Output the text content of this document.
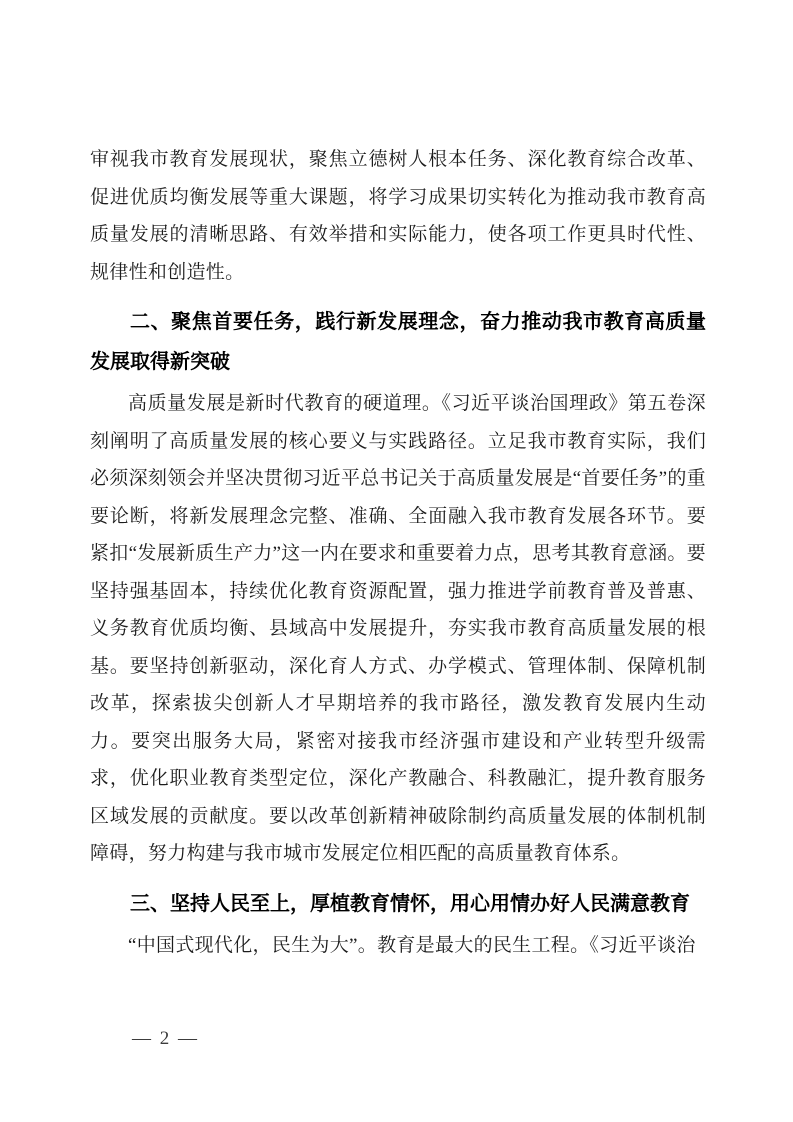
审视我市教育发展现状，聚焦立德树人根本任务、深化教育综合改革、促进优质均衡发展等重大课题，将学习成果切实转化为推动我市教育高质量发展的清晰思路、有效举措和实际能力，使各项工作更具时代性、规律性和创造性。

二、聚焦首要任务，践行新发展理念，奋力推动我市教育高质量发展取得新突破

高质量发展是新时代教育的硬道理。《习近平谈治国理政》第五卷深刻阐明了高质量发展的核心要义与实践路径。立足我市教育实际，我们必须深刻领会并坚决贯彻习近平总书记关于高质量发展是“首要任务”的重要论断，将新发展理念完整、准确、全面融入我市教育发展各环节。要紧扣“发展新质生产力”这一内在要求和重要着力点，思考其教育意涵。要坚持强基固本，持续优化教育资源配置，强力推进学前教育普及普惠、义务教育优质均衡、县域高中发展提升，夯实我市教育高质量发展的根基。要坚持创新驱动，深化育人方式、办学模式、管理体制、保障机制改革，探索拔尖创新人才早期培养的我市路径，激发教育发展内生动力。要突出服务大局，紧密对接我市经济强市建设和产业转型升级需求，优化职业教育类型定位，深化产教融合、科教融汇，提升教育服务区域发展的贡献度。要以改革创新精神破除制约高质量发展的体制机制障碍，努力构建与我市城市发展定位相匹配的高质量教育体系。

三、坚持人民至上，厚植教育情怀，用心用情办好人民满意教育

“中国式现代化，民生为大”。教育是最大的民生工程。《习近平谈治

— 2 —
